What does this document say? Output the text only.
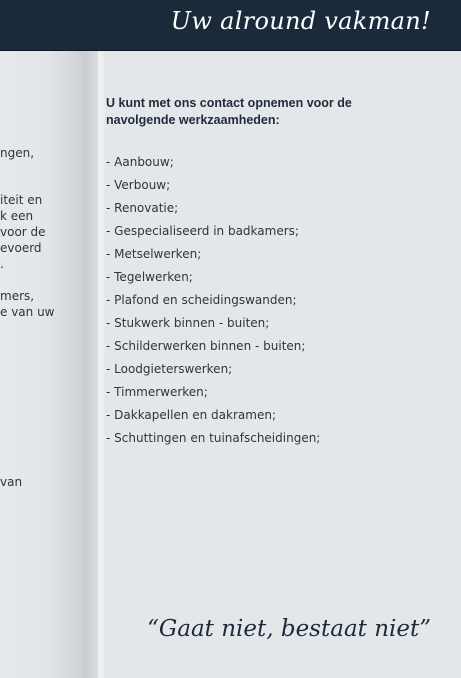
Uw alround vakman!
ngen,
iteit en
k een
voor de
evoerd
.
mers,
e van uw
van

U kunt met ons contact opnemen voor de
navolgende werkzaamheden:

- Aanbouw;
- Verbouw;
- Renovatie;
- Gespecialiseerd in badkamers;
- Metselwerken;
- Tegelwerken;
- Plafond en scheidingswanden;
- Stukwerk binnen - buiten;
- Schilderwerken binnen - buiten;
- Loodgieterswerken;
- Timmerwerken;
- Dakkapellen en dakramen;
- Schuttingen en tuinafscheidingen;
“Gaat niet, bestaat niet”
